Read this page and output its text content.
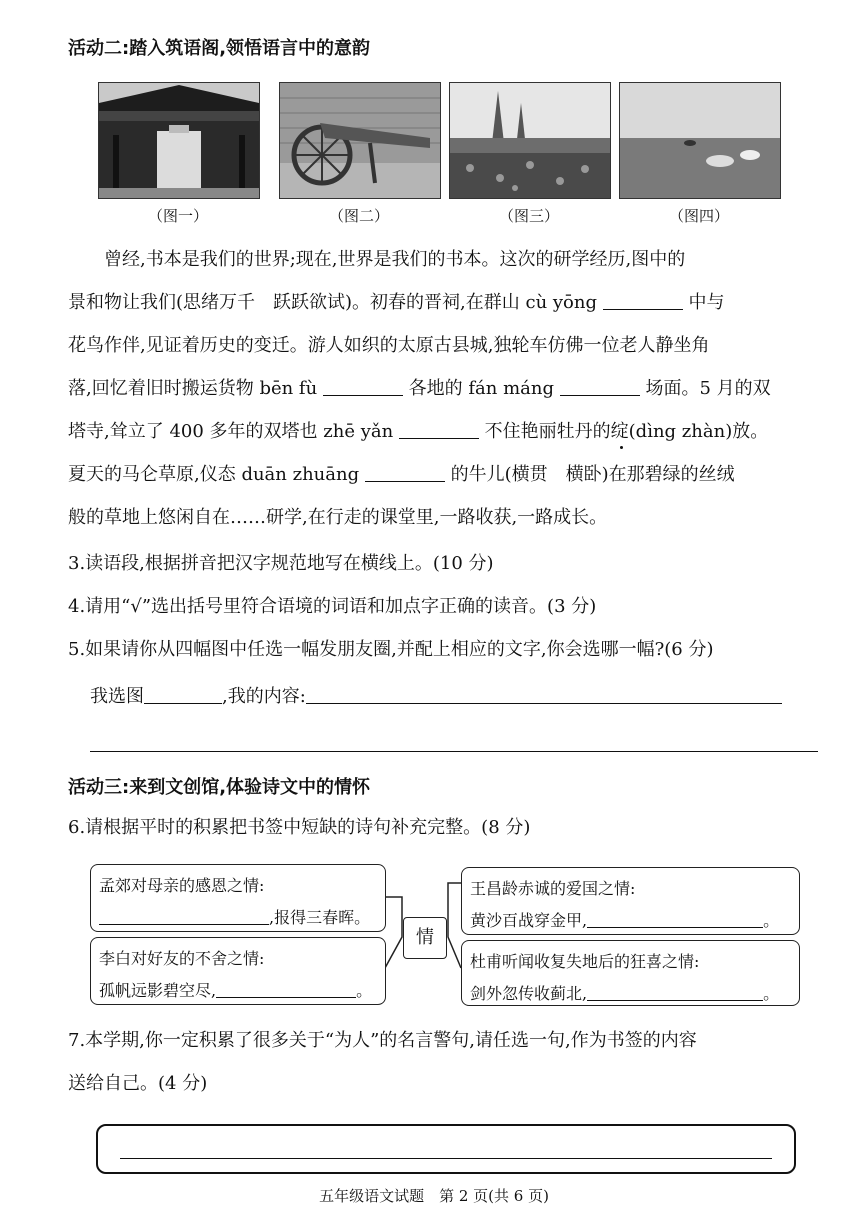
活动二:踏入筑语阁,领悟语言中的意韵
（图一）	（图二）	（图三）	（图四）
曾经,书本是我们的世界;现在,世界是我们的书本。这次的研学经历,图中的
景和物让我们(思绪万千　跃跃欲试)。初春的晋祠,在群山 cù yōng	中与
花鸟作伴,见证着历史的变迁。游人如织的太原古县城,独轮车仿佛一位老人静坐角
落,回忆着旧时搬运货物 bēn fù	各地的 fán máng	场面。5 月的双
塔寺,耸立了 400 多年的双塔也 zhē yǎn	不住艳丽牡丹的绽(dìng zhàn)放。
夏天的马仑草原,仪态 duān zhuāng	的牛儿(横贯　横卧)在那碧绿的丝绒
般的草地上悠闲自在……研学,在行走的课堂里,一路收获,一路成长。
3.读语段,根据拼音把汉字规范地写在横线上。(10 分)
4.请用“√”选出括号里符合语境的词语和加点字正确的读音。(3 分)
5.如果请你从四幅图中任选一幅发朋友圈,并配上相应的文字,你会选哪一幅?(6 分)
我选图	,我的内容:
活动三:来到文创馆,体验诗文中的情怀
6.请根据平时的积累把书签中短缺的诗句补充完整。(8 分)
孟郊对母亲的感恩之情:
,报得三春晖。
李白对好友的不舍之情:
孤帆远影碧空尽,	。
情
王昌龄赤诚的爱国之情:
黄沙百战穿金甲,	。
杜甫听闻收复失地后的狂喜之情:
剑外忽传收蓟北,	。
7.本学期,你一定积累了很多关于“为人”的名言警句,请任选一句,作为书签的内容
送给自己。(4 分)
五年级语文试题　第 2 页(共 6 页)
